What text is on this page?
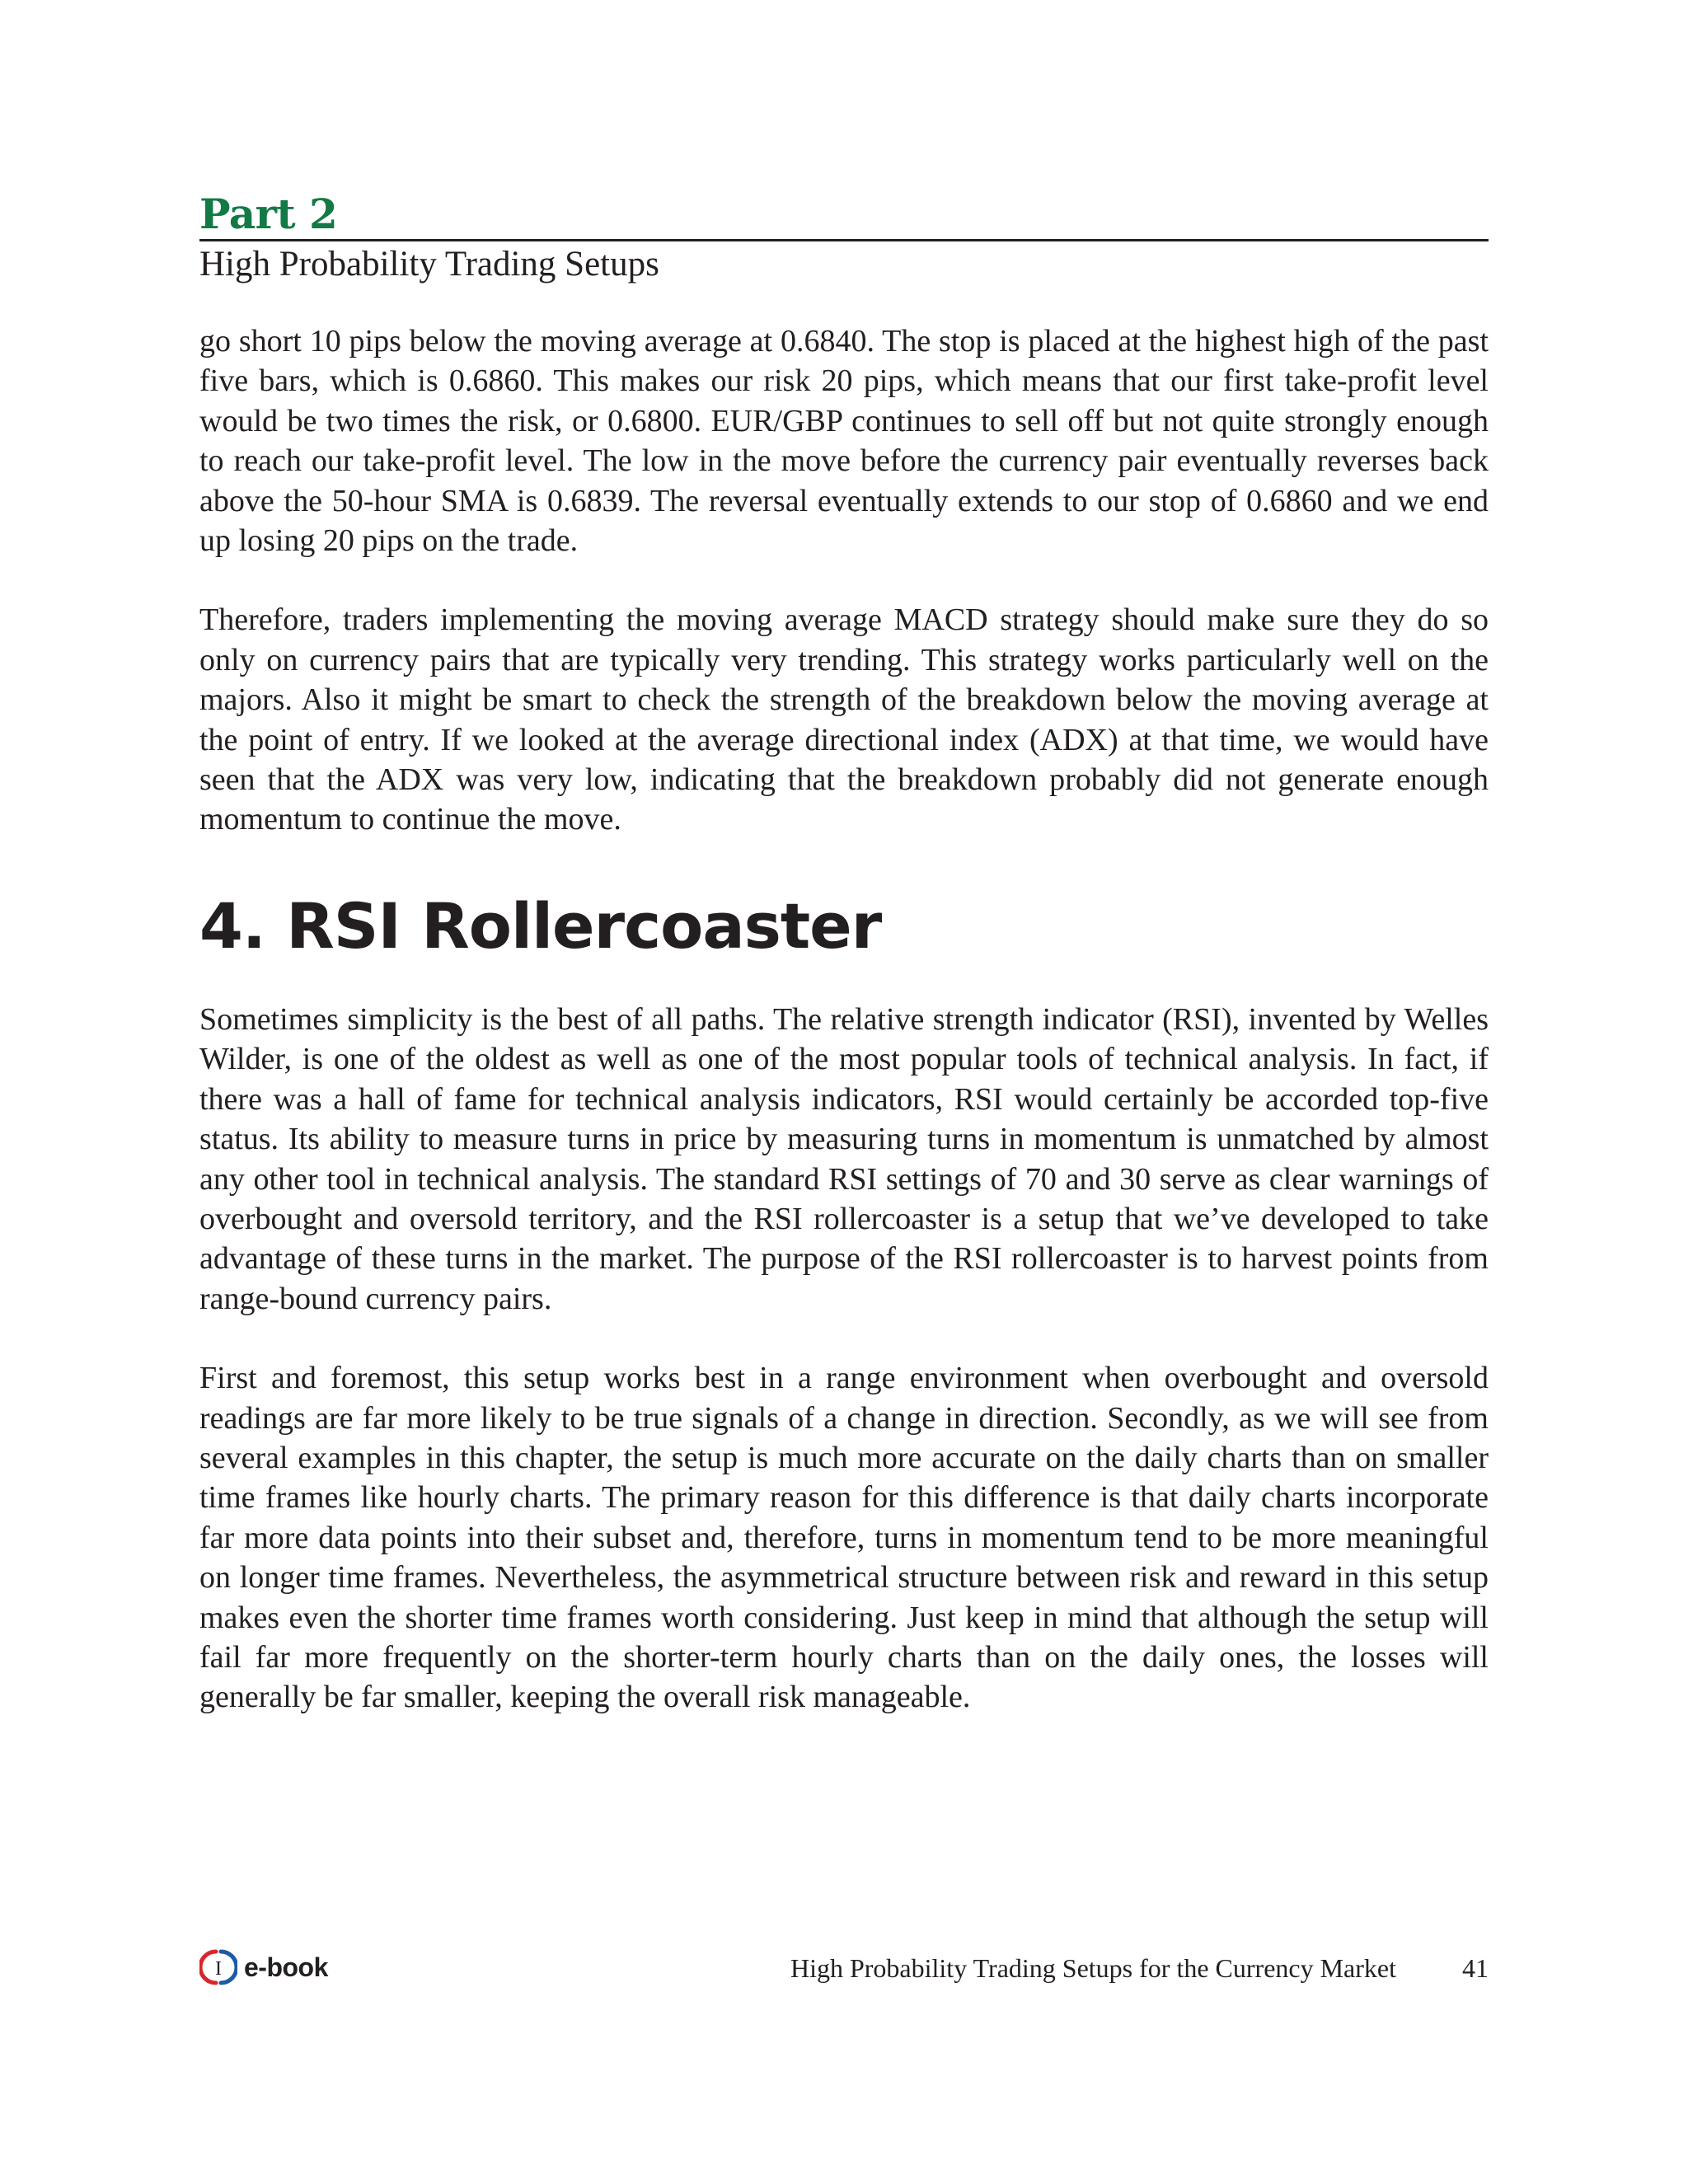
Part 2
High Probability Trading Setups

go short 10 pips below the moving average at 0.6840. The stop is placed at the highest high of the past five bars, which is 0.6860. This makes our risk 20 pips, which means that our first take-profit level would be two times the risk, or 0.6800. EUR/GBP continues to sell off but not quite strongly enough to reach our take-profit level. The low in the move before the currency pair eventually reverses back above the 50-hour SMA is 0.6839. The reversal eventually extends to our stop of 0.6860 and we end up losing 20 pips on the trade.

Therefore, traders implementing the moving average MACD strategy should make sure they do so only on currency pairs that are typically very trending. This strategy works particularly well on the majors. Also it might be smart to check the strength of the breakdown below the moving average at the point of entry. If we looked at the average directional index (ADX) at that time, we would have seen that the ADX was very low, indicating that the breakdown probably did not generate enough momentum to continue the move.

4. RSI Rollercoaster

Sometimes simplicity is the best of all paths. The relative strength indicator (RSI), invented by Welles Wilder, is one of the oldest as well as one of the most popular tools of technical analysis. In fact, if there was a hall of fame for technical analysis indicators, RSI would certainly be accorded top-five status. Its ability to measure turns in price by measuring turns in momentum is unmatched by almost any other tool in technical analysis. The standard RSI settings of 70 and 30 serve as clear warnings of overbought and oversold territory, and the RSI rollercoaster is a setup that we’ve developed to take advantage of these turns in the market. The purpose of the RSI rollercoaster is to harvest points from range-bound currency pairs.

First and foremost, this setup works best in a range environment when overbought and oversold readings are far more likely to be true signals of a change in direction. Secondly, as we will see from several examples in this chapter, the setup is much more accurate on the daily charts than on smaller time frames like hourly charts. The primary reason for this difference is that daily charts incorporate far more data points into their subset and, therefore, turns in momentum tend to be more meaningful on longer time frames. Nevertheless, the asymmetrical structure between risk and reward in this setup makes even the shorter time frames worth considering. Just keep in mind that although the setup will fail far more frequently on the shorter-term hourly charts than on the daily ones, the losses will generally be far smaller, keeping the overall risk manageable.

I e-book	High Probability Trading Setups for the Currency Market	41
